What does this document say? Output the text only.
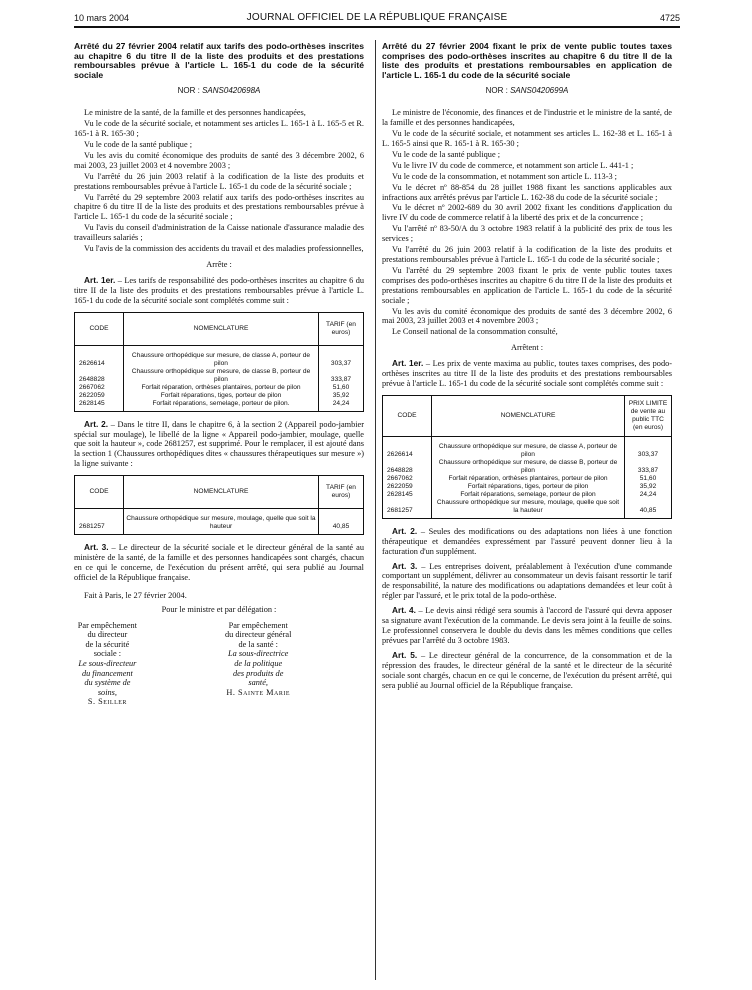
10 mars 2004	JOURNAL OFFICIEL DE LA RÉPUBLIQUE FRANÇAISE	4725

Arrêté du 27 février 2004 relatif aux tarifs des podo-orthèses inscrites au chapitre 6 du titre II de la liste des produits et des prestations remboursables prévue à l'article L. 165-1 du code de la sécurité sociale

NOR : SANS0420698A

Le ministre de la santé, de la famille et des personnes handicapées,

Vu le code de la sécurité sociale, et notamment ses articles L. 165-1 à L. 165-5 et R. 165-1 à R. 165-30 ;

Vu le code de la santé publique ;

Vu les avis du comité économique des produits de santé des 3 décembre 2002, 6 mai 2003, 23 juillet 2003 et 4 novembre 2003 ;

Vu l'arrêté du 26 juin 2003 relatif à la codification de la liste des produits et prestations remboursables prévue à l'article L. 165-1 du code de la sécurité sociale ;

Vu l'arrêté du 29 septembre 2003 relatif aux tarifs des podo-orthèses inscrites au chapitre 6 du titre II de la liste des produits et des prestations remboursables prévue à l'article L. 165-1 du code de la sécurité sociale ;

Vu l'avis du conseil d'administration de la Caisse nationale d'assurance maladie des travailleurs salariés ;

Vu l'avis de la commission des accidents du travail et des maladies professionnelles,

Arrête :

Art. 1er. – Les tarifs de responsabilité des podo-orthèses inscrites au chapitre 6 du titre II de la liste des produits et des prestations remboursables prévue à l'article L. 165-1 du code de la sécurité sociale sont complétés comme suit :

CODE	NOMENCLATURE	TARIF (en euros)
2626614	Chaussure orthopédique sur mesure, de classe A, porteur de pilon	303,37
2648828	Chaussure orthopédique sur mesure, de classe B, porteur de pilon	333,87
2667062	Forfait réparation, orthèses plantaires, porteur de pilon	51,60
2622059	Forfait réparations, tiges, porteur de pilon	35,92
2628145	Forfait réparations, semelage, porteur de pilon.	24,24

Art. 2. – Dans le titre II, dans le chapitre 6, à la section 2 (Appareil podo-jambier spécial sur moulage), le libellé de la ligne « Appareil podo-jambier, moulage, quelle que soit la hauteur », code 2681257, est supprimé. Pour le remplacer, il est ajouté dans la section 1 (Chaussures orthopédiques dites « chaussures thérapeutiques sur mesure ») la ligne suivante :

CODE	NOMENCLATURE	TARIF (en euros)
2681257	Chaussure orthopédique sur mesure, moulage, quelle que soit la hauteur	40,85

Art. 3. – Le directeur de la sécurité sociale et le directeur général de la santé au ministère de la santé, de la famille et des personnes handicapées sont chargés, chacun en ce qui le concerne, de l'exécution du présent arrêté, qui sera publié au Journal officiel de la République française.

Fait à Paris, le 27 février 2004.

Pour le ministre et par délégation :

Par empêchement du directeur
de la sécurité sociale :
Le sous-directeur
du financement
du système de soins,
S. Seiller
Par empêchement
du directeur général de la santé :
La sous-directrice
de la politique
des produits de santé,
H. Sainte Marie

Arrêté du 27 février 2004 fixant le prix de vente public toutes taxes comprises des podo-orthèses inscrites au chapitre 6 du titre II de la liste des produits et prestations remboursables en application de l'article L. 165-1 du code de la sécurité sociale

NOR : SANS0420699A

Le ministre de l'économie, des finances et de l'industrie et le ministre de la santé, de la famille et des personnes handicapées,

Vu le code de la sécurité sociale, et notamment ses articles L. 162-38 et L. 165-1 à L. 165-5 ainsi que R. 165-1 à R. 165-30 ;

Vu le code de la santé publique ;

Vu le livre IV du code de commerce, et notamment son article L. 441-1 ;

Vu le code de la consommation, et notamment son article L. 113-3 ;

Vu le décret nº 88-854 du 28 juillet 1988 fixant les sanctions applicables aux infractions aux arrêtés prévus par l'article L. 162-38 du code de la sécurité sociale ;

Vu le décret nº 2002-689 du 30 avril 2002 fixant les conditions d'application du livre IV du code de commerce relatif à la liberté des prix et de la concurrence ;

Vu l'arrêté nº 83-50/A du 3 octobre 1983 relatif à la publicité des prix de tous les services ;

Vu l'arrêté du 26 juin 2003 relatif à la codification de la liste des produits et prestations remboursables prévue à l'article L. 165-1 du code de la sécurité sociale ;

Vu l'arrêté du 29 septembre 2003 fixant le prix de vente public toutes taxes comprises des podo-orthèses inscrites au chapitre 6 du titre II de la liste des produits et prestations remboursables en application de l'article L. 165-1 du code de la sécurité sociale ;

Vu les avis du comité économique des produits de santé des 3 décembre 2002, 6 mai 2003, 23 juillet 2003 et 4 novembre 2003 ;

Le Conseil national de la consommation consulté,

Arrêtent :

Art. 1er. – Les prix de vente maxima au public, toutes taxes comprises, des podo-orthèses inscrites au titre II de la liste des produits et des prestations remboursables prévue à l'article L. 165-1 du code de la sécurité sociale sont complétés comme suit :

CODE	NOMENCLATURE	PRIX LIMITE de vente au public TTC (en euros)
2626614	Chaussure orthopédique sur mesure, de classe A, porteur de pilon	303,37
2648828	Chaussure orthopédique sur mesure, de classe B, porteur de pilon	333,87
2667062	Forfait réparation, orthèses plantaires, porteur de pilon	51,60
2622059	Forfait réparations, tiges, porteur de pilon	35,92
2628145	Forfait réparations, semelage, porteur de pilon	24,24
2681257	Chaussure orthopédique sur mesure, moulage, quelle que soit la hauteur	40,85

Art. 2. – Seules des modifications ou des adaptations non liées à une fonction thérapeutique et demandées expressément par l'assuré peuvent donner lieu à la facturation d'un supplément.

Art. 3. – Les entreprises doivent, préalablement à l'exécution d'une commande comportant un supplément, délivrer au consommateur un devis faisant ressortir le tarif de responsabilité, la nature des modifications ou adaptations demandées et leur coût à régler par l'assuré, et le prix total de la podo-orthèse.

Art. 4. – Le devis ainsi rédigé sera soumis à l'accord de l'assuré qui devra apposer sa signature avant l'exécution de la commande. Le devis sera joint à la feuille de soins. Le professionnel conservera le double du devis dans les mêmes conditions que celles prévues par l'arrêté du 3 octobre 1983.

Art. 5. – Le directeur général de la concurrence, de la consommation et de la répression des fraudes, le directeur général de la santé et le directeur de la sécurité sociale sont chargés, chacun en ce qui le concerne, de l'exécution du présent arrêté, qui sera publié au Journal officiel de la République française.
